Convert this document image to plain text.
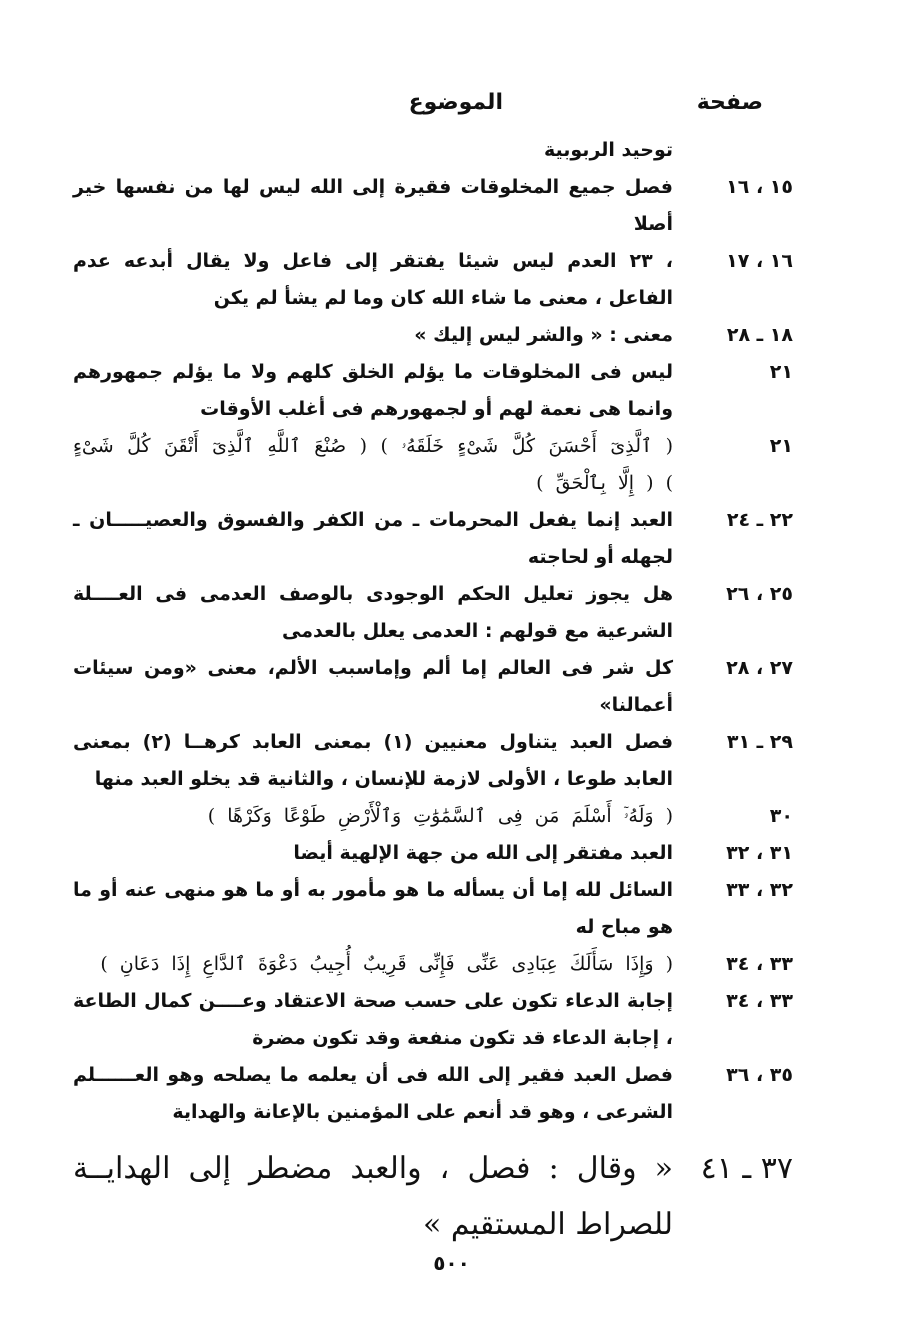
صفحة
الموضوع
توحيد الربوبية
١٥ ، ١٦
فصل جميع المخلوقات فقيرة إلى الله ليس لها من نفسها خير أصلا
١٦ ، ١٧
، ٢٣ العدم ليس شيئا يفتقر إلى فاعل ولا يقال أبدعه عدم الفاعل ، معنى ما شاء الله كان وما لم يشأ لم يكن
١٨ ـ ٢٨
معنى : « والشر ليس إليك »
٢١
ليس فى المخلوقات ما يؤلم الخلق كلهم ولا ما يؤلم جمهورهم وانما هى نعمة لهم أو لجمهورهم فى أغلب الأوقات
٢١
( ٱلَّذِىٓ أَحْسَنَ كُلَّ شَىْءٍ خَلَقَهُۥ ) ( صُنْعَ ٱللَّهِ ٱلَّذِىٓ أَتْقَنَ كُلَّ شَىْءٍ ) ( إِلَّا بِٱلْحَقِّ )
٢٢ ـ ٢٤
العبد إنما يفعل المحرمات ـ من الكفر والفسوق والعصيـــــان ـ لجهله أو لحاجته
٢٥ ، ٢٦
هل يجوز تعليل الحكم الوجودى بالوصف العدمى فى العــــلة الشرعية مع قولهم : العدمى يعلل بالعدمى
٢٧ ، ٢٨
كل شر فى العالم إما ألم وإماسبب الألم، معنى «ومن سيئات أعمالنا»
٢٩ ـ ٣١
فصل العبد يتناول معنيين (١) بمعنى العابد كرهــا (٢) بمعنى العابد طوعا ، الأولى لازمة للإنسان ، والثانية قد يخلو العبد منها
٣٠
( وَلَهُۥٓ أَسْلَمَ مَن فِى ٱلسَّمَٰوَٰتِ وَٱلْأَرْضِ طَوْعًا وَكَرْهًا )
٣١ ، ٣٢
العبد مفتقر إلى الله من جهة الإلهية أيضا
٣٢ ، ٣٣
السائل لله إما أن يسأله ما هو مأمور به أو ما هو منهى عنه أو ما هو مباح له
٣٣ ، ٣٤
( وَإِذَا سَأَلَكَ عِبَادِى عَنِّى فَإِنِّى قَرِيبٌ أُجِيبُ دَعْوَةَ ٱلدَّاعِ إِذَا دَعَانِ )
٣٣ ، ٣٤
إجابة الدعاء تكون على حسب صحة الاعتقاد وعــــن كمال الطاعة ، إجابة الدعاء قد تكون منفعة وقد تكون مضرة
٣٥ ، ٣٦
فصل العبد فقير إلى الله فى أن يعلمه ما يصلحه وهو العــــــلم الشرعى ، وهو قد أنعم على المؤمنين بالإعانة والهداية
٣٧ ـ ٤١
« وقال : فصل ، والعبد مضطر إلى الهدايــة للصراط المستقيم »
٥٠٠
